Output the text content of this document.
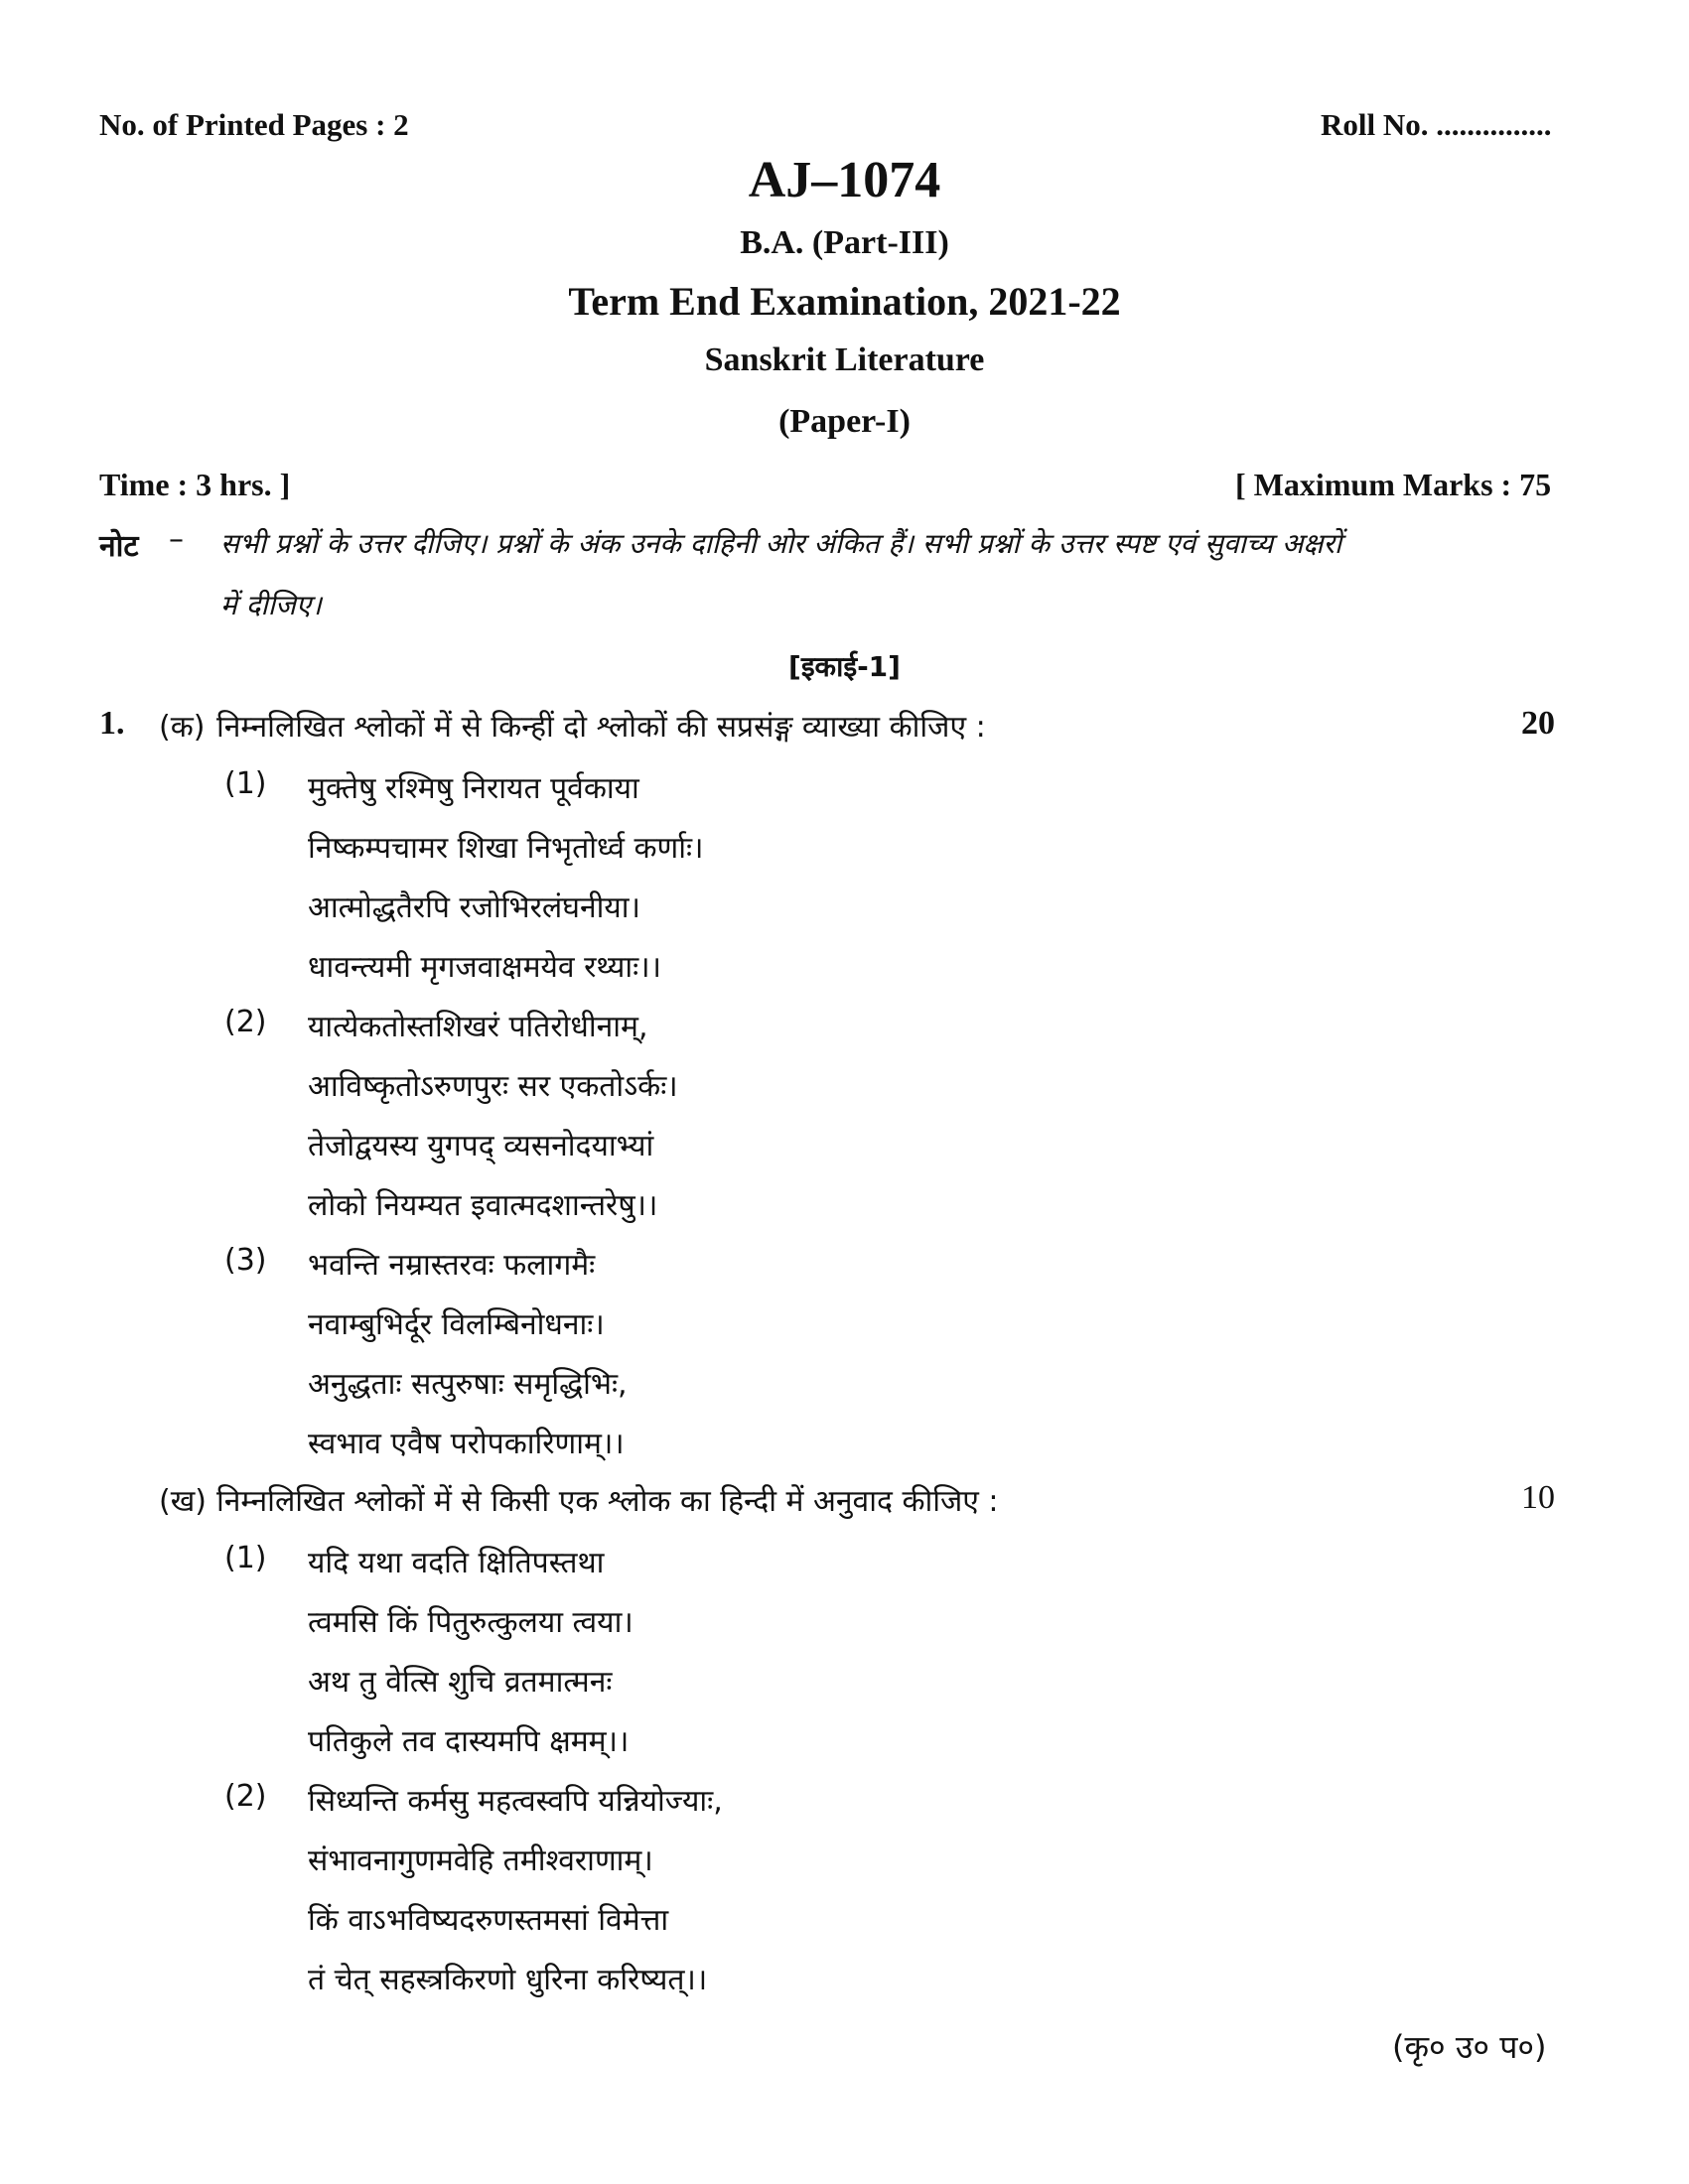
No. of Printed Pages : 2	Roll No. ...............
AJ–1074
B.A. (Part-III)
Term End Examination, 2021-22
Sanskrit Literature
(Paper-I)
Time : 3 hrs. ]	[ Maximum Marks : 75
नोट – सभी प्रश्नों के उत्तर दीजिए। प्रश्नों के अंक उनके दाहिनी ओर अंकित हैं। सभी प्रश्नों के उत्तर स्पष्ट एवं सुवाच्य अक्षरों
में दीजिए।
[इकाई-1]
1. (क) निम्नलिखित श्लोकों में से किन्हीं दो श्लोकों की सप्रसंङ्ग व्याख्या कीजिए :	20
(1) मुक्तेषु रश्मिषु निरायत पूर्वकाया
निष्कम्पचामर शिखा निभृतोर्ध्व कर्णाः।
आत्मोद्धतैरपि रजोभिरलंघनीया।
धावन्त्यमी मृगजवाक्षमयेव रथ्याः।।
(2) यात्येकतोस्तशिखरं पतिरोधीनाम्,
आविष्कृतोऽरुणपुरः सर एकतोऽर्कः।
तेजोद्वयस्य युगपद् व्यसनोदयाभ्यां
लोको नियम्यत इवात्मदशान्तरेषु।।
(3) भवन्ति नम्रास्तरवः फलागमैः
नवाम्बुभिर्दूर विलम्बिनोधनाः।
अनुद्धताः सत्पुरुषाः समृद्धिभिः,
स्वभाव एवैष परोपकारिणाम्।।
(ख) निम्नलिखित श्लोकों में से किसी एक श्लोक का हिन्दी में अनुवाद कीजिए :	10
(1) यदि यथा वदति क्षितिपस्तथा
त्वमसि किं पितुरुत्कुलया त्वया।
अथ तु वेत्सि शुचि व्रतमात्मनः
पतिकुले तव दास्यमपि क्षमम्।।
(2) सिध्यन्ति कर्मसु महत्वस्वपि यन्नियोज्याः,
संभावनागुणमवेहि तमीश्वराणाम्।
किं वाऽभविष्यदरुणस्तमसां विमेत्ता
तं चेत् सहस्त्रकिरणो धुरिना करिष्यत्।।
(कृ० उ० प०)
